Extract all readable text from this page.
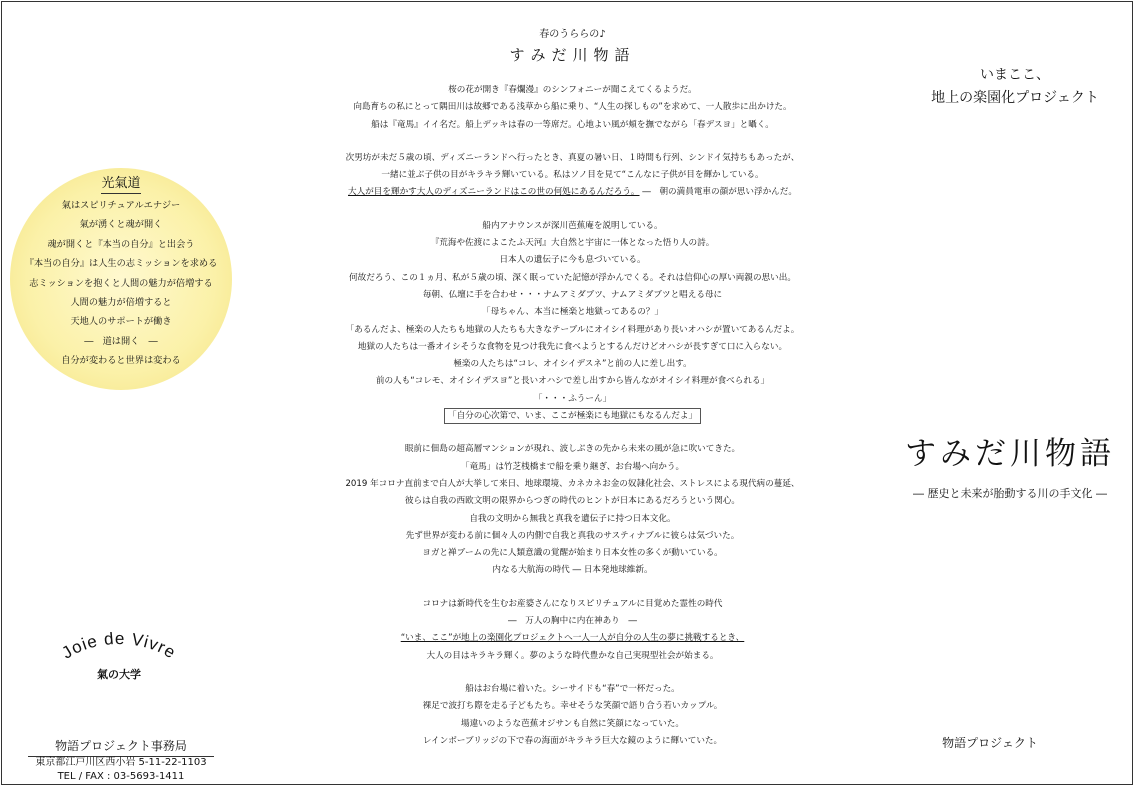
春のうららの♪
すみだ川物語
桜の花が開き『春爛漫』のシンフォニーが聞こえてくるようだ。
向島育ちの私にとって隅田川は故郷である浅草から船に乗り、“人生の探しもの”を求めて、一人散歩に出かけた。
船は『竜馬』イイ名だ。船上デッキは春の一等席だ。心地よい風が頬を撫でながら「春デスヨ」と囁く。
次男坊が未だ５歳の頃、ディズニーランドへ行ったとき、真夏の暑い日、１時間も行列、シンドイ気持ちもあったが、
一緒に並ぶ子供の目がキラキラ輝いている。私はソノ目を見て“こんなに子供が目を輝かしている。
大人が目を輝かす大人のディズニーランドはこの世の何処にあるんだろう。 ―　朝の満員電車の顔が思い浮かんだ。
船内アナウンスが深川芭蕉庵を説明している。
『荒海や佐渡によこたふ天河』大自然と宇宙に一体となった悟り人の詩。
日本人の遺伝子に今も息づいている。
何故だろう、この１ヵ月、私が５歳の頃、深く眠っていた記憶が浮かんでくる。それは信仰心の厚い両親の思い出。
毎朝、仏壇に手を合わせ・・・ナムアミダブツ、ナムアミダブツと唱える母に
「母ちゃん、本当に極楽と地獄ってあるの？」
「あるんだよ、極楽の人たちも地獄の人たちも大きなテーブルにオイシイ料理があり長いオハシが置いてあるんだよ。
地獄の人たちは一番オイシそうな食物を見つけ我先に食べようとするんだけどオハシが長すぎて口に入らない。
極楽の人たちは“コレ、オイシイデスネ”と前の人に差し出す。
前の人も“コレモ、オイシイデスヨ”と長いオハシで差し出すから皆んながオイシイ料理が食べられる」
「・・・ふうーん」
「自分の心次第で、いま、ここが極楽にも地獄にもなるんだよ」
眼前に佃島の超高層マンションが現れ、波しぶきの先から未来の風が急に吹いてきた。
「竜馬」は竹芝桟橋まで船を乗り継ぎ、お台場へ向かう。
2019 年コロナ直前まで白人が大挙して来日、地球環境、カネカネお金の奴隷化社会、ストレスによる現代病の蔓延、
彼らは自我の西欧文明の限界からつぎの時代のヒントが日本にあるだろうという関心。
自我の文明から無我と真我を遺伝子に持つ日本文化。
先ず世界が変わる前に個々人の内側で自我と真我のサスティナブルに彼らは気づいた。
ヨガと禅ブームの先に人類意識の覚醒が始まり日本女性の多くが動いている。
内なる大航海の時代 ― 日本発地球維新。
コロナは新時代を生むお産婆さんになりスピリチュアルに目覚めた霊性の時代
―　万人の胸中に内在神あり　―
“いま、ここ”が地上の楽園化プロジェクトへ一人一人が自分の人生の夢に挑戦するとき、
大人の目はキラキラ輝く。夢のような時代豊かな自己実現型社会が始まる。
船はお台場に着いた。シーサイドも“春”で一杯だった。
裸足で波打ち際を走る子どもたち。幸せそうな笑顔で語り合う若いカップル。
場違いのような芭蕉オジサンも自然に笑顔になっていた。
レインボーブリッジの下で春の海面がキラキラ巨大な鏡のように輝いていた。
いまここ、
地上の楽園化プロジェクト
すみだ川物語
― 歴史と未来が胎動する川の手文化 ―
物語プロジェクト
光氣道
氣はスピリチュアルエナジー
氣が湧くと魂が開く
魂が開くと『本当の自分』と出会う
『本当の自分』は人生の志ミッションを求める
志ミッションを抱くと人間の魅力が倍増する
人間の魅力が倍増すると
天地人のサポートが働き
―　道は開く　―
自分が変わると世界は変わる
Joie de Vivre
氣の大学
物語プロジェクト事務局
東京都江戸川区西小岩 5-11-22-1103
TEL / FAX : 03-5693-1411
